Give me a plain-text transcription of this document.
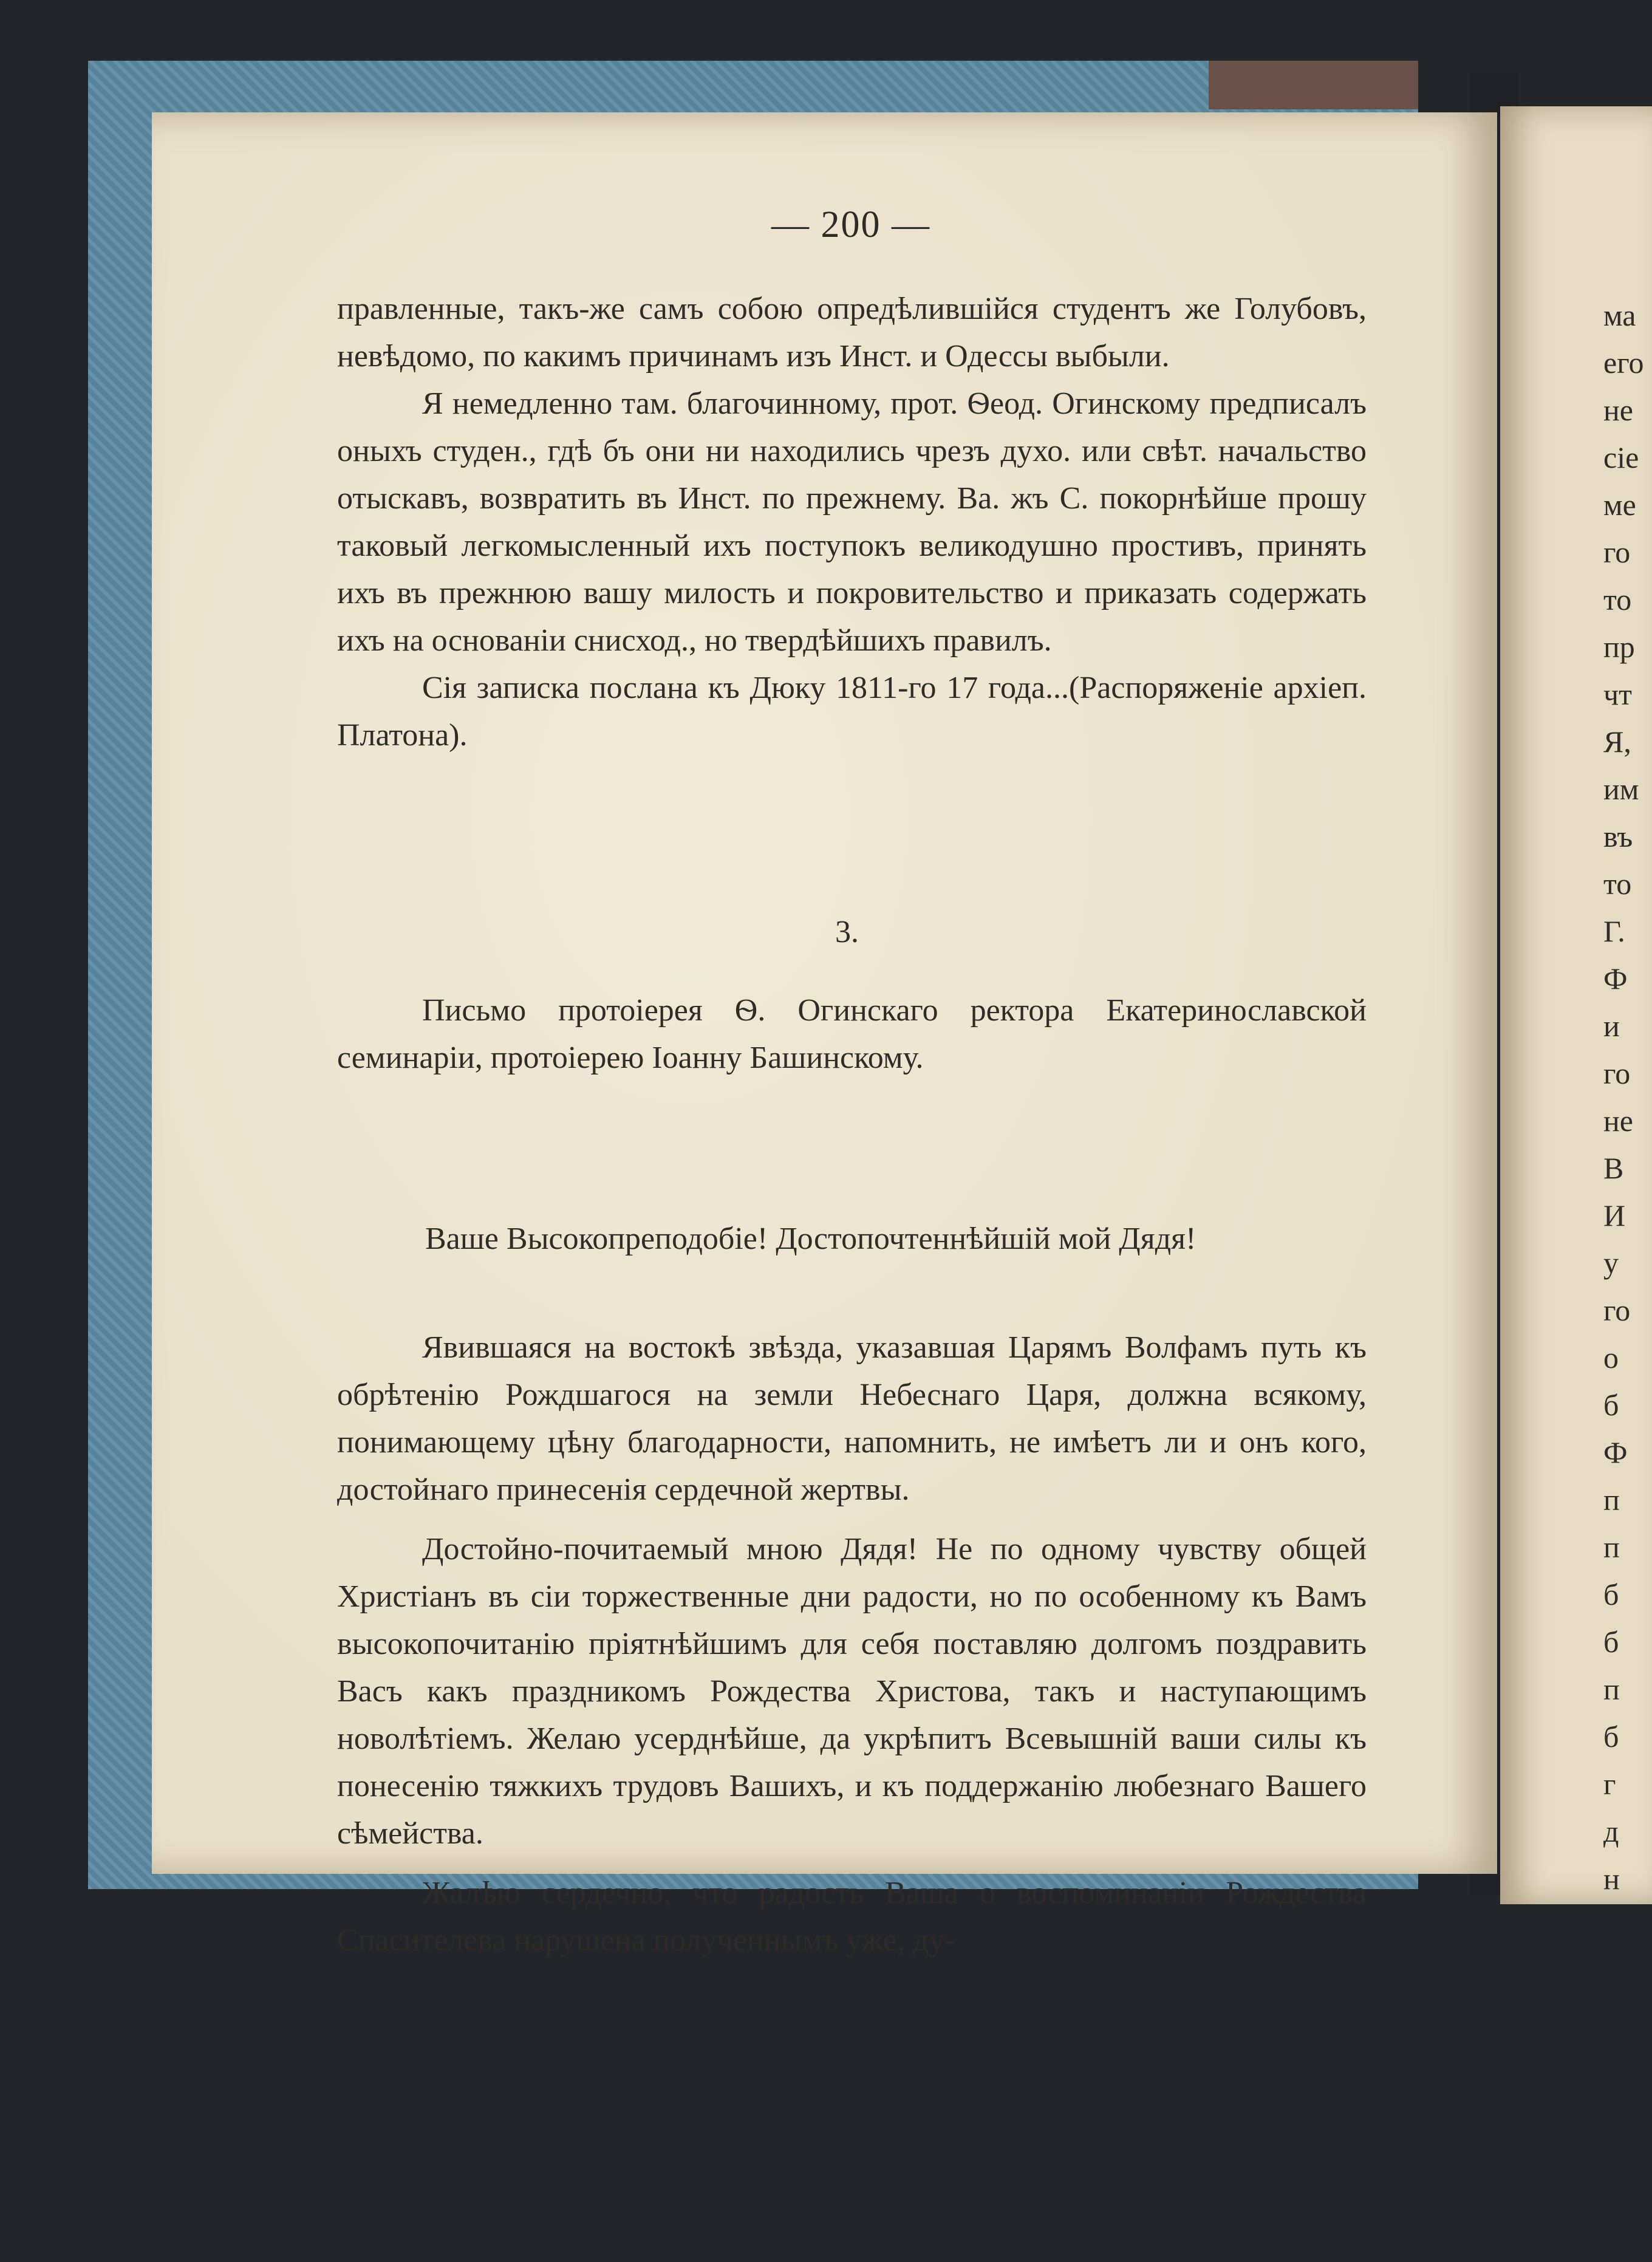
— 200 —

правленные, такъ-же самъ собою опредѣлившійся студентъ же Голубовъ, невѣдомо, по какимъ причинамъ изъ Инст. и Одессы выбыли.

Я немедленно там. благочинному, прот. Ѳеод. Огинскому предписалъ оныхъ студен., гдѣ бъ они ни находились чрезъ духо. или свѣт. начальство отыскавъ, возвратить въ Инст. по прежнему. Ва. жъ С. покорнѣйше прошу таковый легкомысленный ихъ поступокъ великодушно простивъ, принять ихъ въ прежнюю вашу милость и покровительство и приказать содержать ихъ на основаніи снисход., но твердѣйшихъ правилъ.

Сія записка послана къ Дюку 1811-го 17 года...(Распоряженіе архіеп. Платона).

3.

Письмо протоіерея Ѳ. Огинскаго ректора Екатеринославской семинаріи, протоіерею Іоанну Башинскому.

Ваше Высокопреподобіе! Достопочтеннѣйшій мой Дядя!

Явившаяся на востокѣ звѣзда, указавшая Царямъ Волфамъ путь къ обрѣтенію Рождшагося на земли Небеснаго Царя, должна всякому, понимающему цѣну благодарности, напомнить, не имѣетъ ли и онъ кого, достойнаго принесенія сердечной жертвы.

Достойно-почитаемый мною Дядя! Не по одному чувству общей Христіанъ въ сіи торжественные дни радости, но по особенному къ Вамъ высокопочитанію пріятнѣйшимъ для себя поставляю долгомъ поздравить Васъ какъ праздникомъ Рождества Христова, такъ и наступающимъ новолѣтіемъ. Желаю усерднѣйше, да укрѣпитъ Всевышній ваши силы къ понесенію тяжкихъ трудовъ Вашихъ, и къ поддержанію любезнаго Вашего сѣмейства.

Жалѣю сердечно, что радость Ваша о воспоминаніи Рождества Спасителева нарушена полученнымъ уже, ду-

ма
его
не
сіе
ме
го
то
пр
чт
Я,
им
въ
то
Г.
Ф
и
го
не
В
И
у
го
о
б
Ф
п
п
б
б
п
б
г
д
н
